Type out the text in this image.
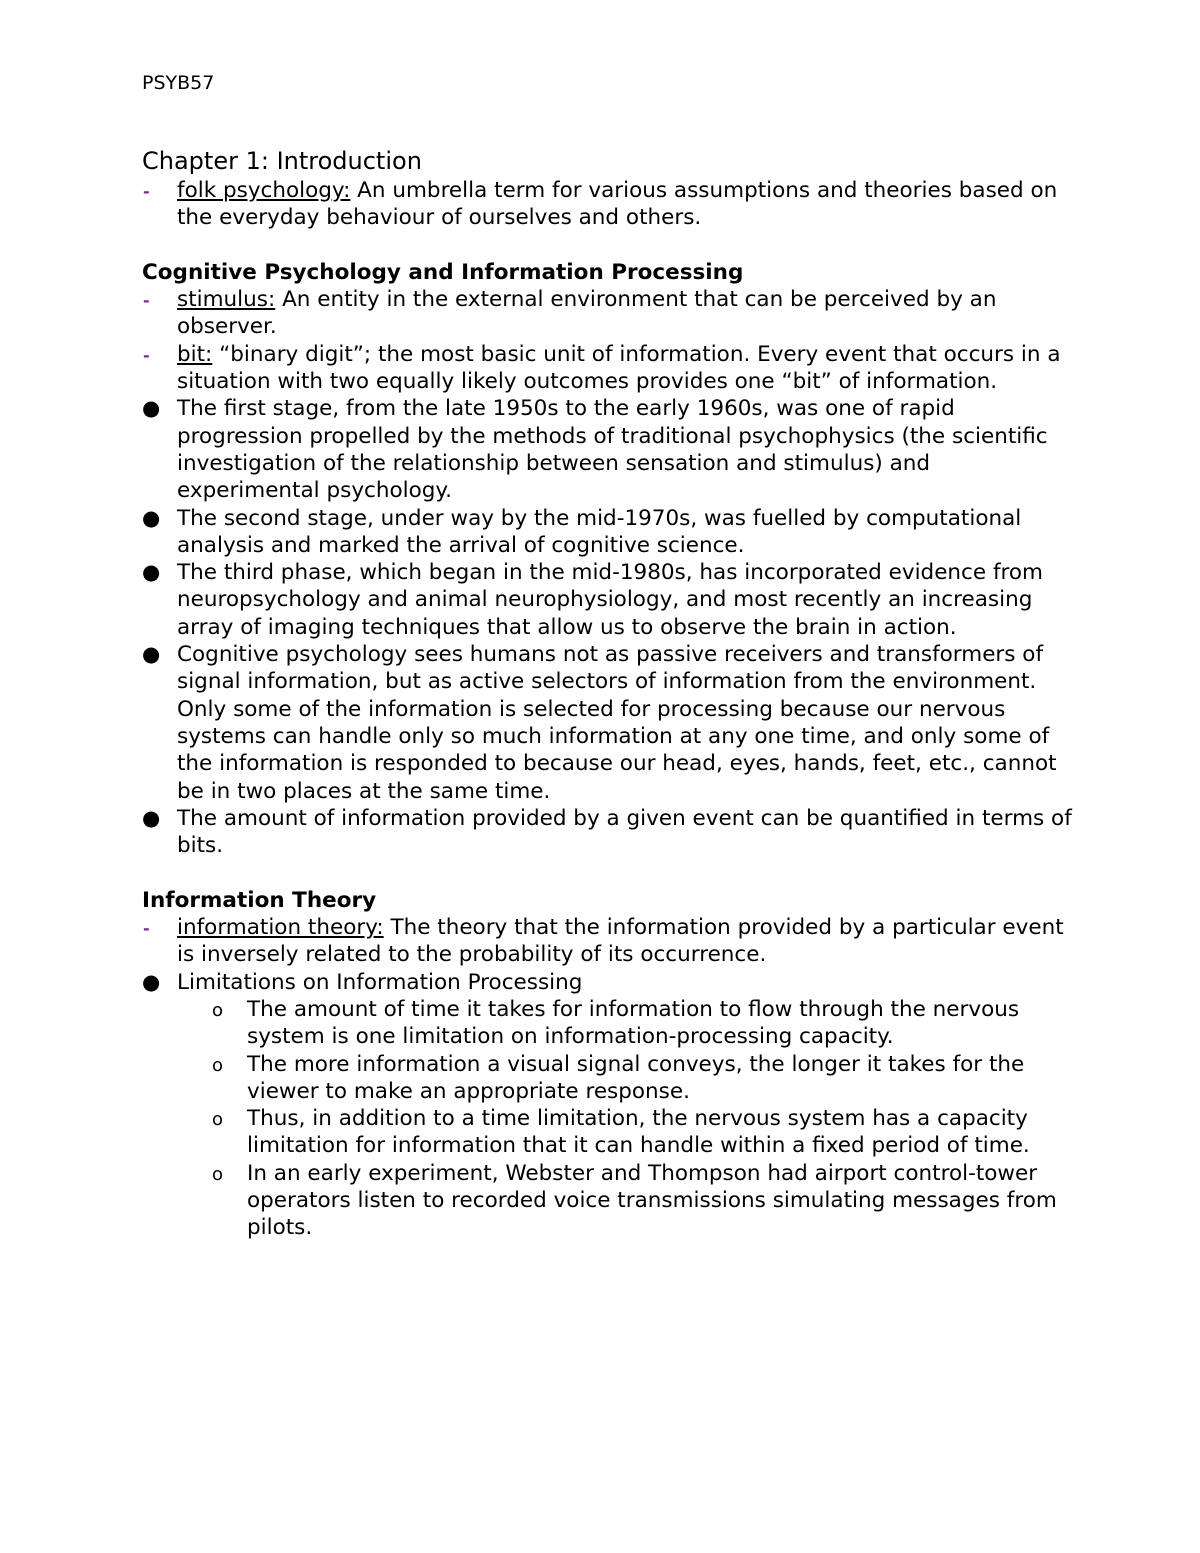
PSYB57
Chapter 1: Introduction
-	folk psychology: An umbrella term for various assumptions and theories based on the everyday behaviour of ourselves and others.
Cognitive Psychology and Information Processing
-	stimulus: An entity in the external environment that can be perceived by an observer.
-	bit: “binary digit”; the most basic unit of information. Every event that occurs in a situation with two equally likely outcomes provides one “bit” of information.
● The first stage, from the late 1950s to the early 1960s, was one of rapid progression propelled by the methods of traditional psychophysics (the scientific investigation of the relationship between sensation and stimulus) and experimental psychology.
● The second stage, under way by the mid-1970s, was fuelled by computational analysis and marked the arrival of cognitive science.
● The third phase, which began in the mid-1980s, has incorporated evidence from neuropsychology and animal neurophysiology, and most recently an increasing array of imaging techniques that allow us to observe the brain in action.
● Cognitive psychology sees humans not as passive receivers and transformers of signal information, but as active selectors of information from the environment. Only some of the information is selected for processing because our nervous systems can handle only so much information at any one time, and only some of the information is responded to because our head, eyes, hands, feet, etc., cannot be in two places at the same time.
● The amount of information provided by a given event can be quantified in terms of bits.
Information Theory
-	information theory: The theory that the information provided by a particular event is inversely related to the probability of its occurrence.
● Limitations on Information Processing
o	The amount of time it takes for information to flow through the nervous system is one limitation on information-processing capacity.
o	The more information a visual signal conveys, the longer it takes for the viewer to make an appropriate response.
o	Thus, in addition to a time limitation, the nervous system has a capacity limitation for information that it can handle within a fixed period of time.
o	In an early experiment, Webster and Thompson had airport control-tower operators listen to recorded voice transmissions simulating messages from pilots.
